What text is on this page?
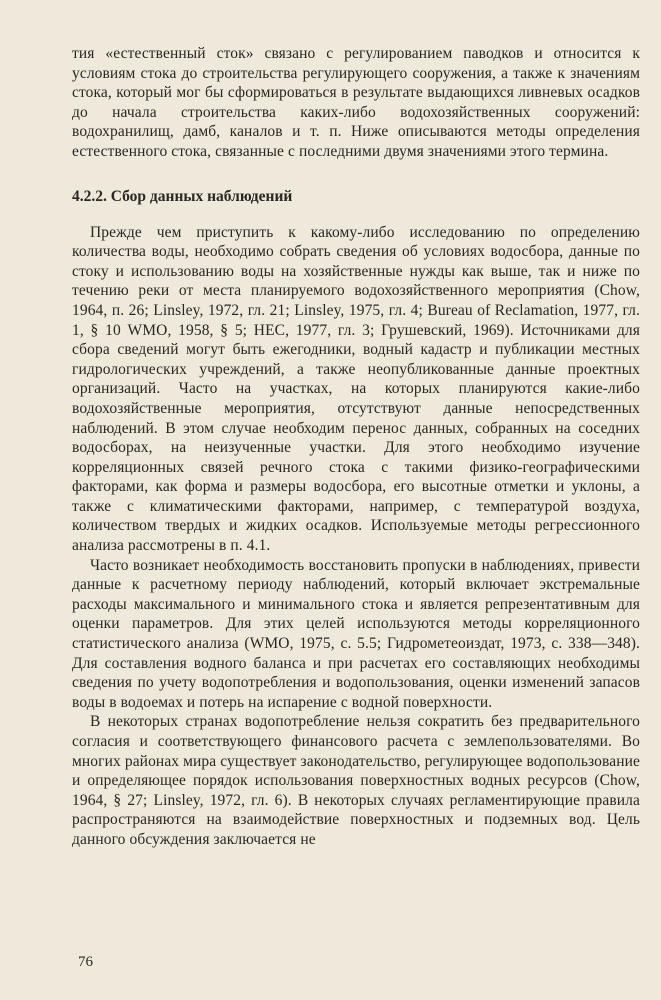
тия «естественный сток» связано с регулированием паводков и относится к условиям стока до строительства регулирующего сооружения, а также к значениям стока, который мог бы сформироваться в результате выдающихся ливневых осадков до начала строительства каких-либо водохозяйственных сооружений: водохранилищ, дамб, каналов и т. п. Ниже описываются методы определения естественного стока, связанные с последними двумя значениями этого термина.

4.2.2. Сбор данных наблюдений

Прежде чем приступить к какому-либо исследованию по определению количества воды, необходимо собрать сведения об условиях водосбора, данные по стоку и использованию воды на хозяйственные нужды как выше, так и ниже по течению реки от места планируемого водохозяйственного мероприятия (Chow, 1964, п. 26; Linsley, 1972, гл. 21; Linsley, 1975, гл. 4; Bureau of Reclamation, 1977, гл. 1, § 10 WMO, 1958, § 5; HEC, 1977, гл. 3; Грушевский, 1969). Источниками для сбора сведений могут быть ежегодники, водный кадастр и публикации местных гидрологических учреждений, а также неопубликованные данные проектных организаций. Часто на участках, на которых планируются какие-либо водохозяйственные мероприятия, отсутствуют данные непосредственных наблюдений. В этом случае необходим перенос данных, собранных на соседних водосборах, на неизученные участки. Для этого необходимо изучение корреляционных связей речного стока с такими физико-географическими факторами, как форма и размеры водосбора, его высотные отметки и уклоны, а также с климатическими факторами, например, с температурой воздуха, количеством твердых и жидких осадков. Используемые методы регрессионного анализа рассмотрены в п. 4.1.

Часто возникает необходимость восстановить пропуски в наблюдениях, привести данные к расчетному периоду наблюдений, который включает экстремальные расходы максимального и минимального стока и является репрезентативным для оценки параметров. Для этих целей используются методы корреляционного статистического анализа (WMO, 1975, с. 5.5; Гидрометеоиздат, 1973, с. 338—348). Для составления водного баланса и при расчетах его составляющих необходимы сведения по учету водопотребления и водопользования, оценки изменений запасов воды в водоемах и потерь на испарение с водной поверхности.

В некоторых странах водопотребление нельзя сократить без предварительного согласия и соответствующего финансового расчета с землепользователями. Во многих районах мира существует законодательство, регулирующее водопользование и определяющее порядок использования поверхностных водных ресурсов (Chow, 1964, § 27; Linsley, 1972, гл. 6). В некоторых случаях регламентирующие правила распространяются на взаимодействие поверхностных и подземных вод. Цель данного обсуждения заключается не

76
